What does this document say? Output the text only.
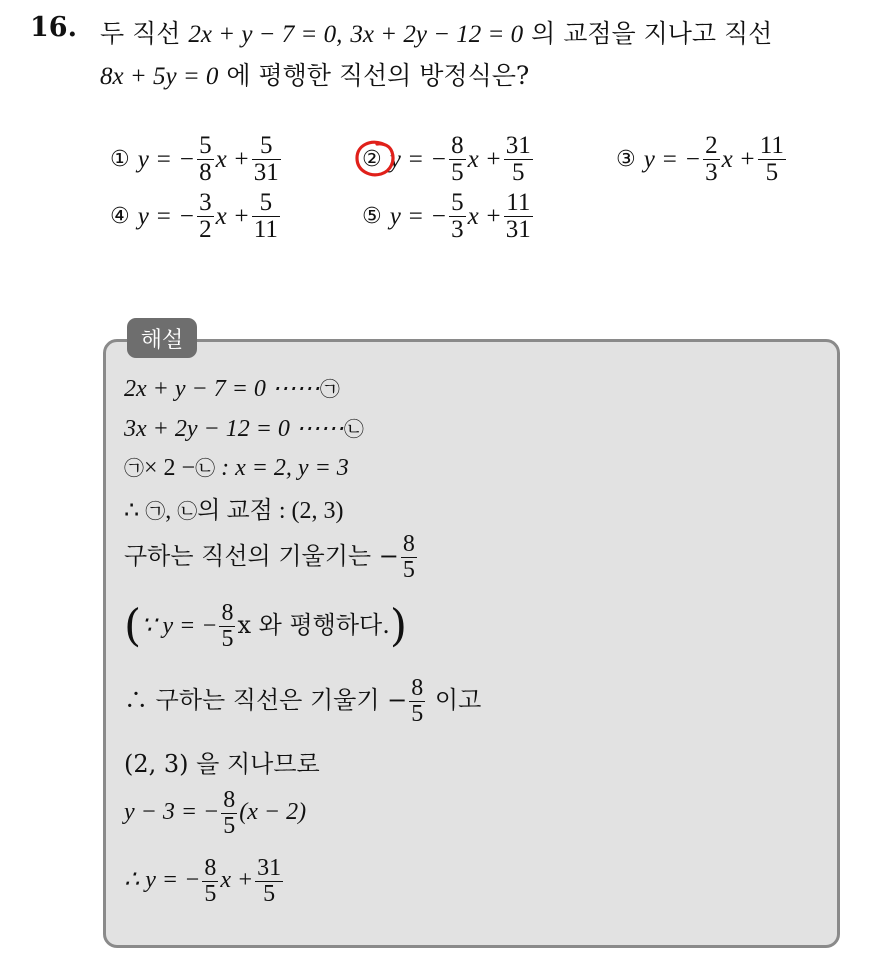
16. 두 직선 2x + y − 7 = 0, 3x + 2y − 12 = 0 의 교점을 지나고 직선
8x + 5y = 0 에 평행한 직선의 방정식은?
① y = − $\frac{5}{8}$ $x + \frac{5}{31}$	② y = − $\frac{8}{5}$ $x + \frac{31}{5}$	③ y = − $\frac{2}{3}$ $x + \frac{11}{5}$
④ y = − $\frac{3}{2}$ $x + \frac{5}{11}$	⑤ y = − $\frac{5}{3}$ $x + \frac{11}{31}$
해설
2x + y − 7 = 0 ⋯⋯㉠
3x + 2y − 12 = 0 ⋯⋯㉡
㉠× 2 −㉡ : x = 2, y = 3
∴ ㉠, ㉡의 교점 : (2, 3)
구하는 직선의 기울기는 − $\frac{8}{5}$
(∵ y = − $\frac{8}{5}$ x 와 평행하다.)
∴ 구하는 직선은 기울기 − $\frac{8}{5}$ 이고
(2, 3) 을 지나므로
y − 3 = − $\frac{8}{5} (x - 2)$
∴ y = − $\frac{8}{5}$ $x + \frac{31}{5}$
